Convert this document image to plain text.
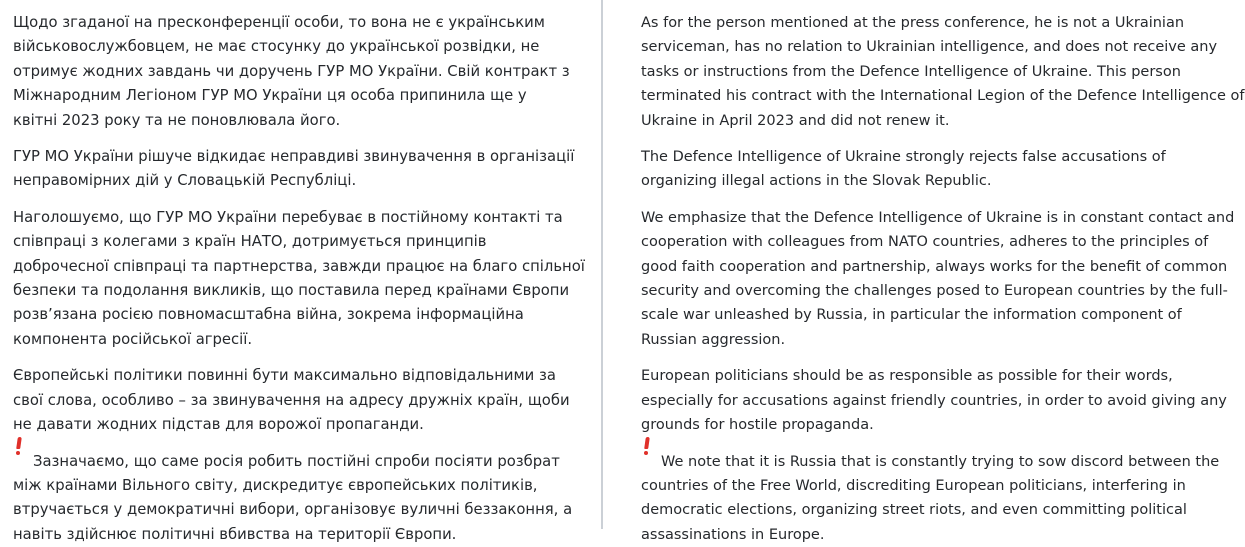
Щодо згаданої на пресконференції особи, то вона не є українським
військовослужбовцем, не має стосунку до української розвідки, не
отримує жодних завдань чи доручень ГУР МО України. Свій контракт з
Міжнародним Легіоном ГУР МО України ця особа припинила ще у
квітні 2023 року та не поновлювала його.

ГУР МО України рішуче відкидає неправдиві звинувачення в організації
неправомірних дій у Словацькій Республіці.

Наголошуємо, що ГУР МО України перебуває в постійному контакті та
співпраці з колегами з країн НАТО, дотримується принципів
доброчесної співпраці та партнерства, завжди працює на благо спільної
безпеки та подолання викликів, що поставила перед країнами Європи
розв’язана росією повномасштабна війна, зокрема інформаційна
компонента російської агресії.

Європейські політики повинні бути максимально відповідальними за
свої слова, особливо – за звинувачення на адресу дружніх країн, щоби
не давати жодних підстав для ворожої пропаганди.

Зазначаємо, що саме росія робить постійні спроби посіяти розбрат
між країнами Вільного світу, дискредитує європейських політиків,
втручається у демократичні вибори, організовує вуличні беззаконня, а
навіть здійснює політичні вбивства на території Європи.

As for the person mentioned at the press conference, he is not a Ukrainian
serviceman, has no relation to Ukrainian intelligence, and does not receive any
tasks or instructions from the Defence Intelligence of Ukraine. This person
terminated his contract with the International Legion of the Defence Intelligence of
Ukraine in April 2023 and did not renew it.

The Defence Intelligence of Ukraine strongly rejects false accusations of
organizing illegal actions in the Slovak Republic.

We emphasize that the Defence Intelligence of Ukraine is in constant contact and
cooperation with colleagues from NATO countries, adheres to the principles of
good faith cooperation and partnership, always works for the benefit of common
security and overcoming the challenges posed to European countries by the full-
scale war unleashed by Russia, in particular the information component of
Russian aggression.

European politicians should be as responsible as possible for their words,
especially for accusations against friendly countries, in order to avoid giving any
grounds for hostile propaganda.

We note that it is Russia that is constantly trying to sow discord between the
countries of the Free World, discrediting European politicians, interfering in
democratic elections, organizing street riots, and even committing political
assassinations in Europe.
